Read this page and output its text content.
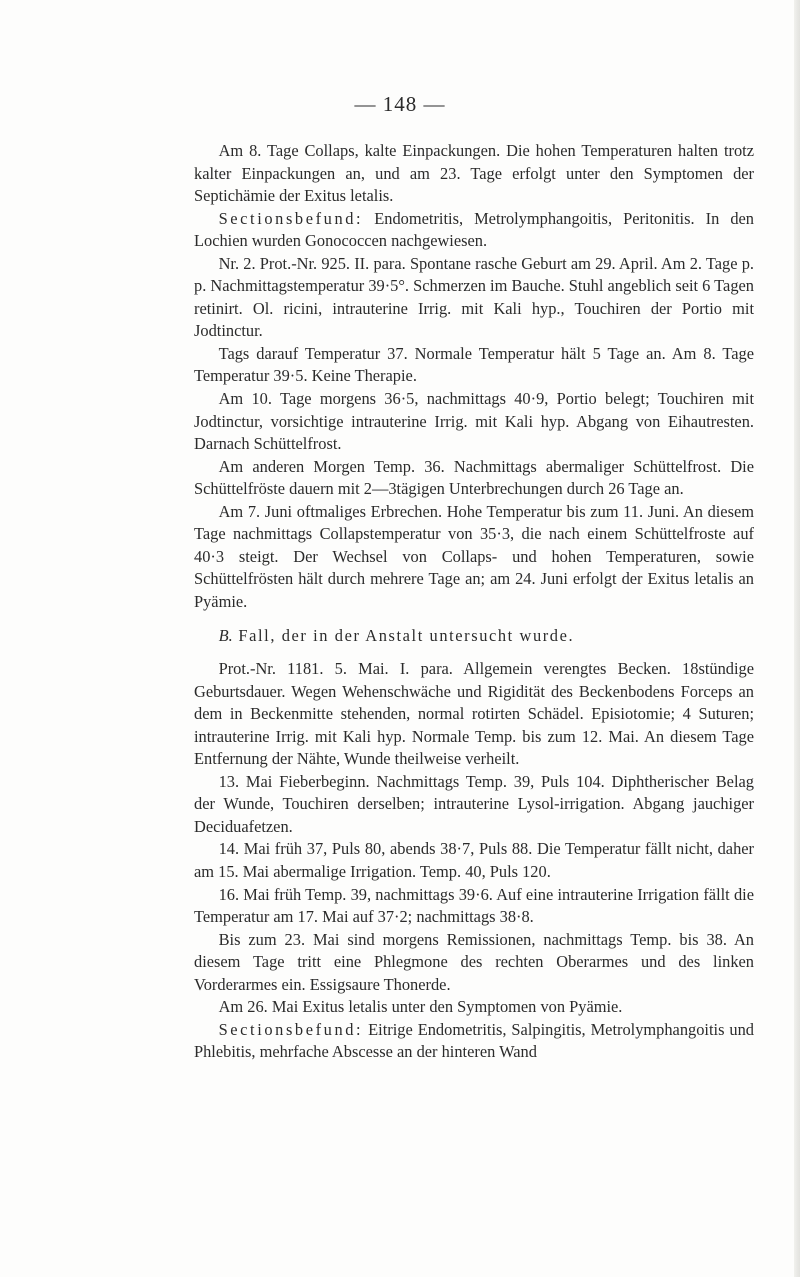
— 148 —

Am 8. Tage Collaps, kalte Einpackungen. Die hohen Temperaturen halten trotz kalter Einpackungen an, und am 23. Tage erfolgt unter den Symptomen der Septichämie der Exitus letalis.

Sectionsbefund: Endometritis, Metrolymphangoitis, Peritonitis. In den Lochien wurden Gonococcen nachgewiesen.

Nr. 2. Prot.-Nr. 925. II. para. Spontane rasche Geburt am 29. April. Am 2. Tage p. p. Nachmittagstemperatur 39·5°. Schmerzen im Bauche. Stuhl angeblich seit 6 Tagen retinirt. Ol. ricini, intrauterine Irrig. mit Kali hyp., Touchiren der Portio mit Jodtinctur.

Tags darauf Temperatur 37. Normale Temperatur hält 5 Tage an. Am 8. Tage Temperatur 39·5. Keine Therapie.

Am 10. Tage morgens 36·5, nachmittags 40·9, Portio belegt; Touchiren mit Jodtinctur, vorsichtige intrauterine Irrig. mit Kali hyp. Abgang von Eihautresten. Darnach Schüttelfrost.

Am anderen Morgen Temp. 36. Nachmittags abermaliger Schüttelfrost. Die Schüttelfröste dauern mit 2—3tägigen Unterbrechungen durch 26 Tage an.

Am 7. Juni oftmaliges Erbrechen. Hohe Temperatur bis zum 11. Juni. An diesem Tage nachmittags Collapstemperatur von 35·3, die nach einem Schüttelfroste auf 40·3 steigt. Der Wechsel von Collaps- und hohen Temperaturen, sowie Schüttelfrösten hält durch mehrere Tage an; am 24. Juni erfolgt der Exitus letalis an Pyämie.

B. Fall, der in der Anstalt untersucht wurde.

Prot.-Nr. 1181. 5. Mai. I. para. Allgemein verengtes Becken. 18stündige Geburtsdauer. Wegen Wehenschwäche und Rigidität des Beckenbodens Forceps an dem in Beckenmitte stehenden, normal rotirten Schädel. Episiotomie; 4 Suturen; intrauterine Irrig. mit Kali hyp. Normale Temp. bis zum 12. Mai. An diesem Tage Entfernung der Nähte, Wunde theilweise verheilt.

13. Mai Fieberbeginn. Nachmittags Temp. 39, Puls 104. Diphtherischer Belag der Wunde, Touchiren derselben; intrauterine Lysol-irrigation. Abgang jauchiger Deciduafetzen.

14. Mai früh 37, Puls 80, abends 38·7, Puls 88. Die Temperatur fällt nicht, daher am 15. Mai abermalige Irrigation. Temp. 40, Puls 120.

16. Mai früh Temp. 39, nachmittags 39·6. Auf eine intrauterine Irrigation fällt die Temperatur am 17. Mai auf 37·2; nachmittags 38·8.

Bis zum 23. Mai sind morgens Remissionen, nachmittags Temp. bis 38. An diesem Tage tritt eine Phlegmone des rechten Oberarmes und des linken Vorderarmes ein. Essigsaure Thonerde.

Am 26. Mai Exitus letalis unter den Symptomen von Pyämie.

Sectionsbefund: Eitrige Endometritis, Salpingitis, Metrolymphangoitis und Phlebitis, mehrfache Abscesse an der hinteren Wand
